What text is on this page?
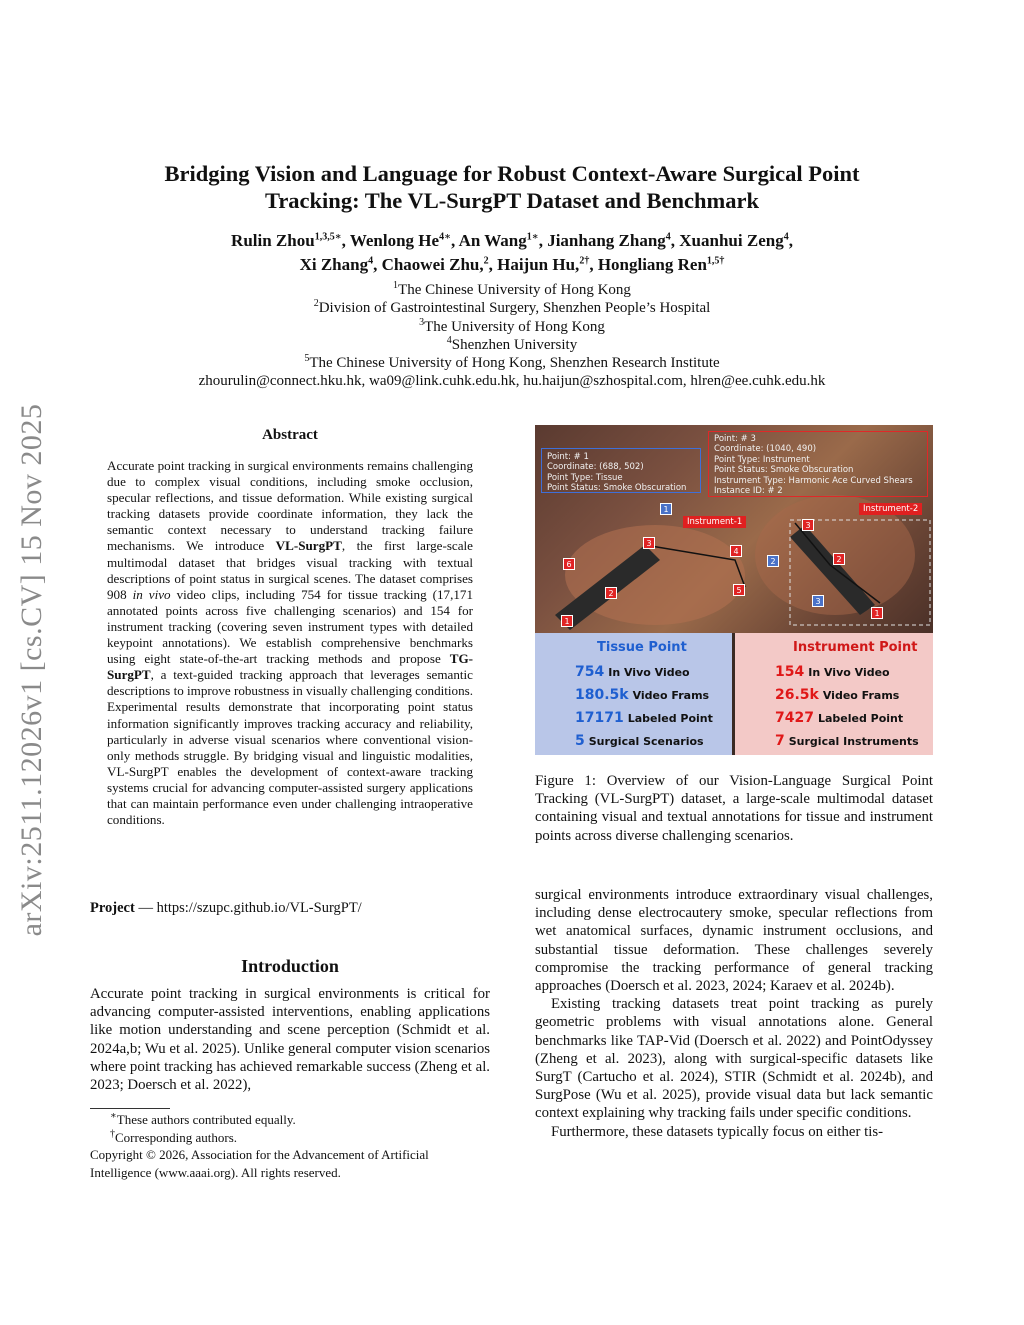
arXiv:2511.12026v1 [cs.CV] 15 Nov 2025
Bridging Vision and Language for Robust Context-Aware Surgical Point
Tracking: The VL-SurgPT Dataset and Benchmark
Rulin Zhou$^{1,3,5∗}$, Wenlong $He^{4∗}$, An Wang$^{1∗}$, Jianhang Zhang$^4$, Xuanhui Zeng$^4$,
Xi Zhang$^4$, Chaowei Zhu,$^2$, Haijun Hu,$^{2\dagger}$, Hongliang Ren$^{1,5\dagger}$
$^1$The Chinese University of Hong Kong
$^2$Division of Gastrointestinal Surgery, Shenzhen People’s Hospital
$^3$The University of Hong Kong
$^4$Shenzhen University
$^5$The Chinese University of Hong Kong, Shenzhen Research Institute
zhourulin@connect.hku.hk, wa09@link.cuhk.edu.hk, hu.haijun@szhospital.com, hlren@ee.cuhk.edu.hk
Abstract
Accurate point tracking in surgical environments remains challenging due to complex visual conditions, including smoke occlusion, specular reflections, and tissue deformation. While existing surgical tracking datasets provide coordinate information, they lack the semantic context necessary to understand tracking failure mechanisms. We introduce VL-SurgPT, the first large-scale multimodal dataset that bridges visual tracking with textual descriptions of point status in surgical scenes. The dataset comprises 908 in vivo video clips, including 754 for tissue tracking (17,171 annotated points across five challenging scenarios) and 154 for instrument tracking (covering seven instrument types with detailed keypoint annotations). We establish comprehensive benchmarks using eight state-of-the-art tracking methods and propose TG-SurgPT, a text-guided tracking approach that leverages semantic descriptions to improve robustness in visually challenging conditions. Experimental results demonstrate that incorporating point status information significantly improves tracking accuracy and reliability, particularly in adverse visual scenarios where conventional vision-only methods struggle. By bridging visual and linguistic modalities, VL-SurgPT enables the development of context-aware tracking systems crucial for advancing computer-assisted surgery applications that can maintain performance even under challenging intraoperative conditions.
Project — https://szupc.github.io/VL-SurgPT/
Introduction
Accurate point tracking in surgical environments is critical for advancing computer-assisted interventions, enabling applications like motion understanding and scene perception (Schmidt et al. 2024a,b; Wu et al. 2025). Unlike general computer vision scenarios where point tracking has achieved remarkable success (Zheng et al. 2023; Doersch et al. 2022),
∗These authors contributed equally.
†Corresponding authors.
Copyright © 2026, Association for the Advancement of Artificial Intelligence (www.aaai.org). All rights reserved.
Point: # 1
Coordinate: (688, 502)
Point Type: Tissue
Point Status: Smoke Obscuration
Point: # 3
Coordinate: (1040, 490)
Point Type: Instrument
Point Status: Smoke Obscuration
Instrument Type: Harmonic Ace Curved Shears
Instance ID: # 2
Instrument-1
Instrument-2
1
2
3
4
5
6
1
2
1
2
3
3
Tissue Point
754 In Vivo Video
180.5k Video Frams
17171 Labeled Point
5 Surgical Scenarios
Instrument Point
154 In Vivo Video
26.5k Video Frams
7427 Labeled Point
7 Surgical Instruments
Figure 1: Overview of our Vision-Language Surgical Point Tracking (VL-SurgPT) dataset, a large-scale multimodal dataset containing visual and textual annotations for tissue and instrument points across diverse challenging scenarios.
surgical environments introduce extraordinary visual challenges, including dense electrocautery smoke, specular reflections from wet anatomical surfaces, dynamic instrument occlusions, and substantial tissue deformation. These challenges severely compromise the tracking performance of general tracking approaches (Doersch et al. 2023, 2024; Karaev et al. 2024b).
Existing tracking datasets treat point tracking as purely geometric problems with visual annotations alone. General benchmarks like TAP-Vid (Doersch et al. 2022) and PointOdyssey (Zheng et al. 2023), along with surgical-specific datasets like SurgT (Cartucho et al. 2024), STIR (Schmidt et al. 2024b), and SurgPose (Wu et al. 2025), provide visual data but lack semantic context explaining why tracking fails under specific conditions.
Furthermore, these datasets typically focus on either tis-
